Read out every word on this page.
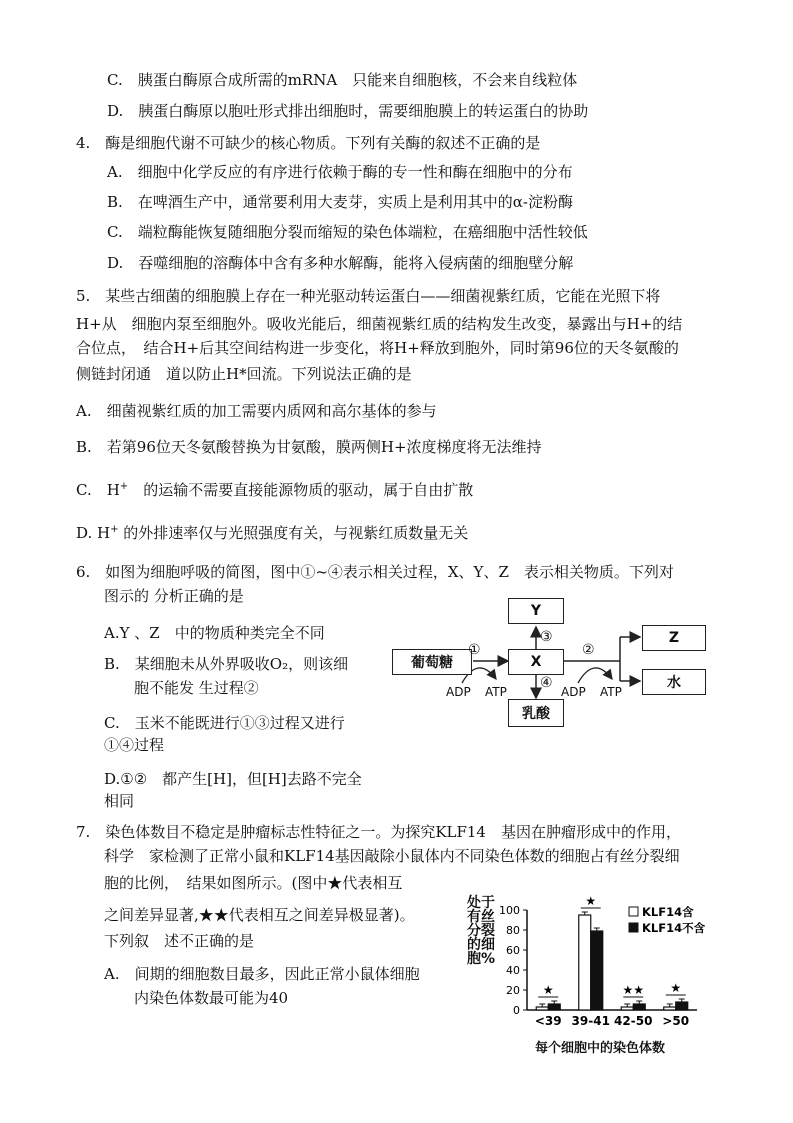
C.　胰蛋白酶原合成所需的mRNA　只能来自细胞核，不会来自线粒体
D.　胰蛋白酶原以胞吐形式排出细胞时，需要细胞膜上的转运蛋白的协助
4.　酶是细胞代谢不可缺少的核心物质。下列有关酶的叙述不正确的是
A.　细胞中化学反应的有序进行依赖于酶的专一性和酶在细胞中的分布
B.　在啤酒生产中，通常要利用大麦芽，实质上是利用其中的α-淀粉酶
C.　端粒酶能恢复随细胞分裂而缩短的染色体端粒，在癌细胞中活性较低
D.　吞噬细胞的溶酶体中含有多种水解酶，能将入侵病菌的细胞壁分解
5.　某些古细菌的细胞膜上存在一种光驱动转运蛋白——细菌视紫红质，它能在光照下将
H+从　细胞内泵至细胞外。吸收光能后，细菌视紫红质的结构发生改变，暴露出与H+的结
合位点，　结合H+后其空间结构进一步变化，将H+释放到胞外，同时第96位的天冬氨酸的
侧链封闭通　道以防止H*回流。下列说法正确的是
A.　细菌视紫红质的加工需要内质网和高尔基体的参与
B.　若第96位天冬氨酸替换为甘氨酸，膜两侧H+浓度梯度将无法维持
C.　H+　的运输不需要直接能源物质的驱动，属于自由扩散
D. H+ 的外排速率仅与光照强度有关，与视紫红质数量无关
6.　如图为细胞呼吸的简图，图中①~④表示相关过程，X、Y、Z　表示相关物质。下列对
图示的 分析正确的是
A.Y 、Z　中的物质种类完全不同
B.　某细胞未从外界吸收O₂，则该细
胞不能发 生过程②
C.　玉米不能既进行①③过程又进行
①④过程
D.①②　都产生[H]，但[H]去路不完全
相同
葡萄糖	X
Y
乳酸
Z
水
①
③
④
②
ADP ATP	ADP ATP
7.　染色体数目不稳定是肿瘤标志性特征之一。为探究KLF14　基因在肿瘤形成中的作用，
科学　家检测了正常小鼠和KLF14基因敲除小鼠体内不同染色体数的细胞占有丝分裂细
胞的比例，　结果如图所示。(图中★代表相互
之间差异显著,★★代表相互之间差异极显著)。
下列叙　述不正确的是
A.　间期的细胞数目最多，因此正常小鼠体细胞
内染色体数最可能为40
处于有丝分裂的细胞%
0
20
40
60
80
100
★
<39
★
39-41
★★
42-50
★
>50
KLF14含
KLF14不含
每个细胞中的染色体数
